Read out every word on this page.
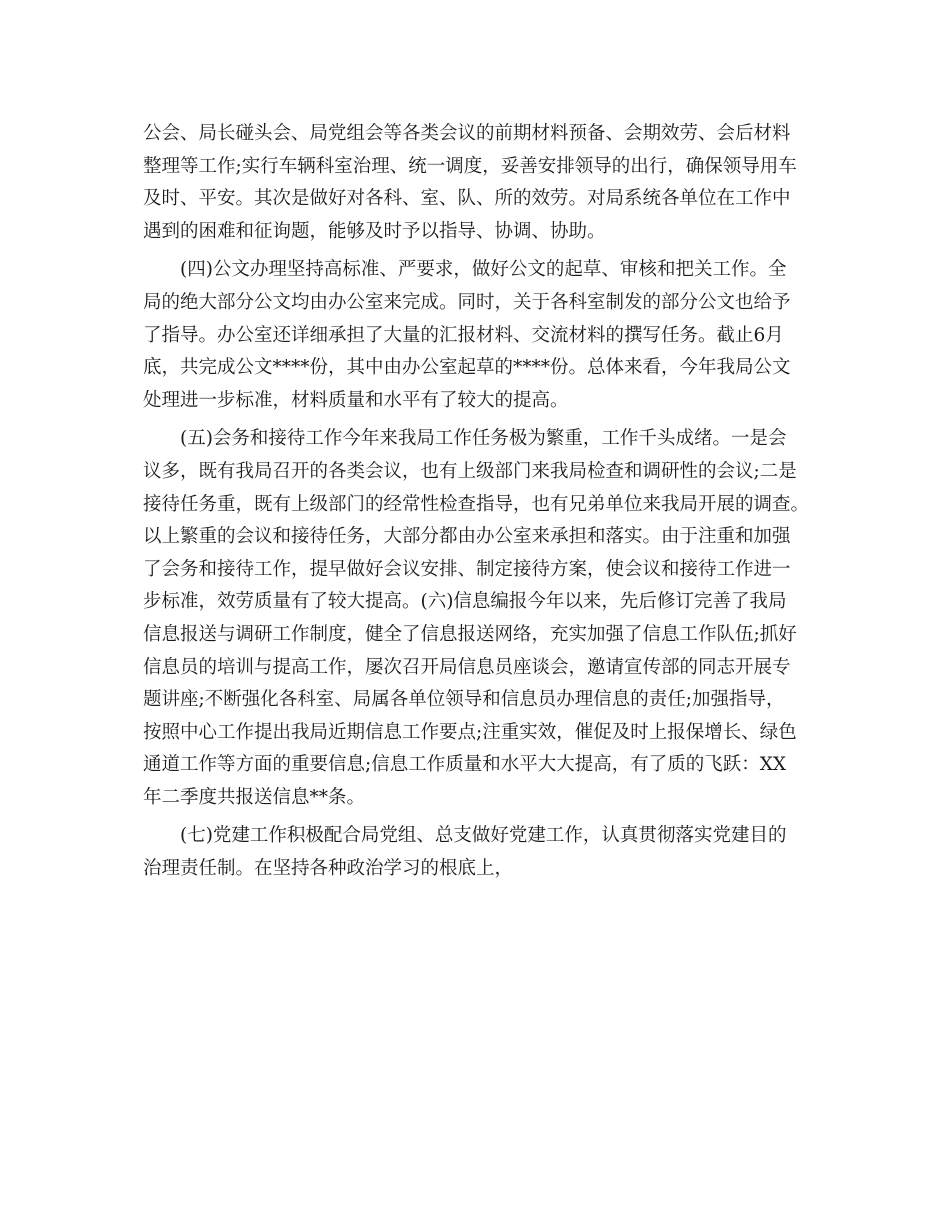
公会、局长碰头会、局党组会等各类会议的前期材料预备、会期效劳、会后材料
整理等工作;实行车辆科室治理、统一调度，妥善安排领导的出行，确保领导用车
及时、平安。其次是做好对各科、室、队、所的效劳。对局系统各单位在工作中
遇到的困难和征询题，能够及时予以指导、协调、协助。
　　(四)公文办理坚持高标准、严要求，做好公文的起草、审核和把关工作。全
局的绝大部分公文均由办公室来完成。同时，关于各科室制发的部分公文也给予
了指导。办公室还详细承担了大量的汇报材料、交流材料的撰写任务。截止6月
底，共完成公文****份，其中由办公室起草的****份。总体来看，今年我局公文
处理进一步标准，材料质量和水平有了较大的提高。
　　(五)会务和接待工作今年来我局工作任务极为繁重，工作千头成绪。一是会
议多，既有我局召开的各类会议，也有上级部门来我局检查和调研性的会议;二是
接待任务重，既有上级部门的经常性检查指导，也有兄弟单位来我局开展的调查。
以上繁重的会议和接待任务，大部分都由办公室来承担和落实。由于注重和加强
了会务和接待工作，提早做好会议安排、制定接待方案，使会议和接待工作进一
步标准，效劳质量有了较大提高。(六)信息编报今年以来，先后修订完善了我局
信息报送与调研工作制度，健全了信息报送网络，充实加强了信息工作队伍;抓好
信息员的培训与提高工作，屡次召开局信息员座谈会，邀请宣传部的同志开展专
题讲座;不断强化各科室、局属各单位领导和信息员办理信息的责任;加强指导，
按照中心工作提出我局近期信息工作要点;注重实效，催促及时上报保增长、绿色
通道工作等方面的重要信息;信息工作质量和水平大大提高，有了质的飞跃：XX
年二季度共报送信息**条。
　　(七)党建工作积极配合局党组、总支做好党建工作，认真贯彻落实党建目的
治理责任制。在坚持各种政治学习的根底上，
